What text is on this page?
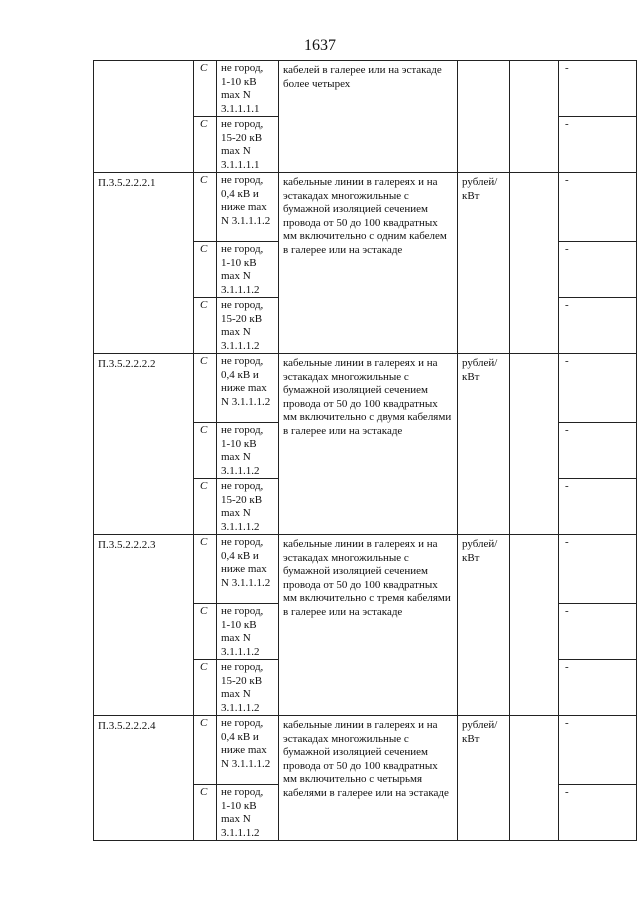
1637
	C	не город, 1-10 кВ max N 3.1.1.1.1	кабелей в галерее или на эстакаде более четырех			-
	C	не город, 15-20 кВ max N 3.1.1.1.1				-
П.3.5.2.2.2.1	C	не город, 0,4 кВ и ниже max N 3.1.1.1.2	кабельные линии в галереях и на эстакадах многожильные с бумажной изоляцией сечением провода от 50 до 100 квадратных мм включительно с одним кабелем в галерее или на эстакаде	рублей/ кВт		-
	C	не город, 1-10 кВ max N 3.1.1.1.2				-
	C	не город, 15-20 кВ max N 3.1.1.1.2				-
П.3.5.2.2.2.2	C	не город, 0,4 кВ и ниже max N 3.1.1.1.2	кабельные линии в галереях и на эстакадах многожильные с бумажной изоляцией сечением провода от 50 до 100 квадратных мм включительно с двумя кабелями в галерее или на эстакаде	рублей/ кВт		-
	C	не город, 1-10 кВ max N 3.1.1.1.2				-
	C	не город, 15-20 кВ max N 3.1.1.1.2				-
П.3.5.2.2.2.3	C	не город, 0,4 кВ и ниже max N 3.1.1.1.2	кабельные линии в галереях и на эстакадах многожильные с бумажной изоляцией сечением провода от 50 до 100 квадратных мм включительно с тремя кабелями в галерее или на эстакаде	рублей/ кВт		-
	C	не город, 1-10 кВ max N 3.1.1.1.2				-
	C	не город, 15-20 кВ max N 3.1.1.1.2				-
П.3.5.2.2.2.4	C	не город, 0,4 кВ и ниже max N 3.1.1.1.2	кабельные линии в галереях и на эстакадах многожильные с бумажной изоляцией сечением провода от 50 до 100 квадратных мм включительно с четырьмя кабелями в галерее или на эстакаде	рублей/ кВт		-
	C	не город, 1-10 кВ max N 3.1.1.1.2				-
